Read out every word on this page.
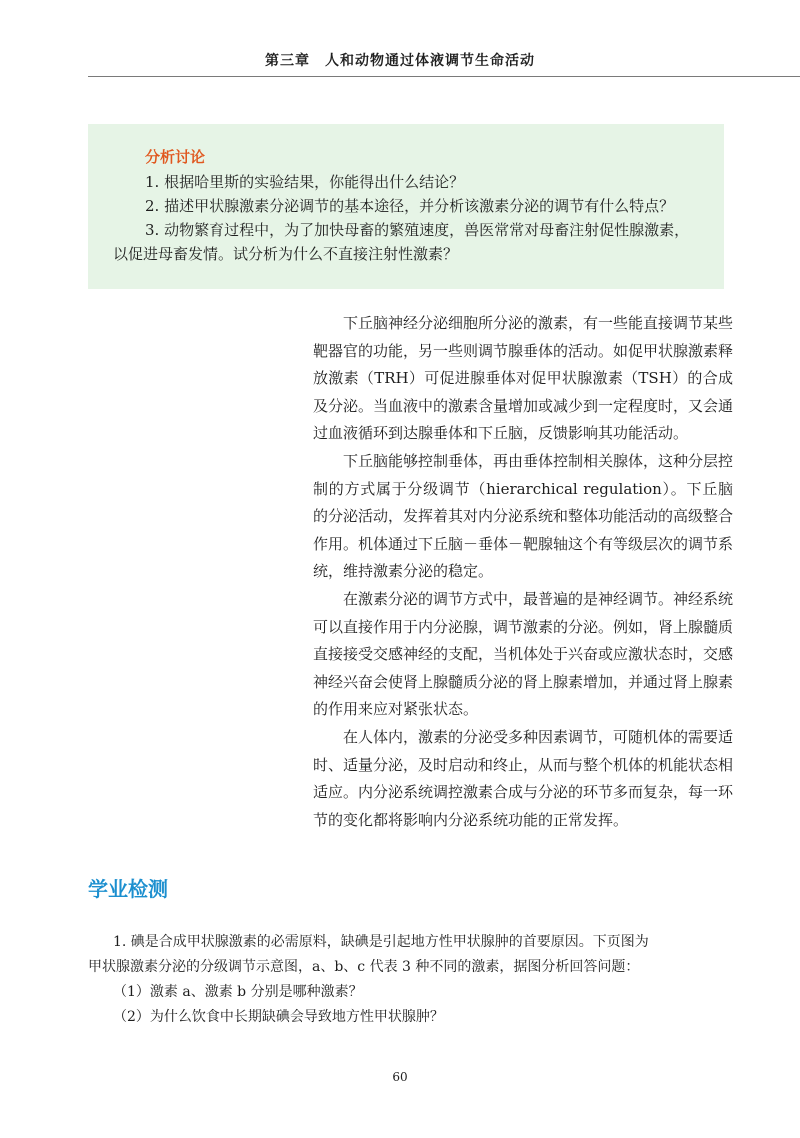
第三章　人和动物通过体液调节生命活动
分析讨论
1. 根据哈里斯的实验结果，你能得出什么结论？
2. 描述甲状腺激素分泌调节的基本途径，并分析该激素分泌的调节有什么特点？
3. 动物繁育过程中，为了加快母畜的繁殖速度，兽医常常对母畜注射促性腺激素，
以促进母畜发情。试分析为什么不直接注射性激素？

下丘脑神经分泌细胞所分泌的激素，有一些能直接调节某些靶器官的功能，另一些则调节腺垂体的活动。如促甲状腺激素释放激素（TRH）可促进腺垂体对促甲状腺激素（TSH）的合成及分泌。当血液中的激素含量增加或减少到一定程度时，又会通过血液循环到达腺垂体和下丘脑，反馈影响其功能活动。

下丘脑能够控制垂体，再由垂体控制相关腺体，这种分层控制的方式属于分级调节（hierarchical regulation）。下丘脑的分泌活动，发挥着其对内分泌系统和整体功能活动的高级整合作用。机体通过下丘脑－垂体－靶腺轴这个有等级层次的调节系统，维持激素分泌的稳定。

在激素分泌的调节方式中，最普遍的是神经调节。神经系统可以直接作用于内分泌腺，调节激素的分泌。例如，肾上腺髓质直接接受交感神经的支配，当机体处于兴奋或应激状态时，交感神经兴奋会使肾上腺髓质分泌的肾上腺素增加，并通过肾上腺素的作用来应对紧张状态。

在人体内，激素的分泌受多种因素调节，可随机体的需要适时、适量分泌，及时启动和终止，从而与整个机体的机能状态相适应。内分泌系统调控激素合成与分泌的环节多而复杂，每一环节的变化都将影响内分泌系统功能的正常发挥。

学业检测
1. 碘是合成甲状腺激素的必需原料，缺碘是引起地方性甲状腺肿的首要原因。下页图为
甲状腺激素分泌的分级调节示意图，a、b、c 代表 3 种不同的激素，据图分析回答问题：
（1）激素 a、激素 b 分别是哪种激素？
（2）为什么饮食中长期缺碘会导致地方性甲状腺肿？
60
